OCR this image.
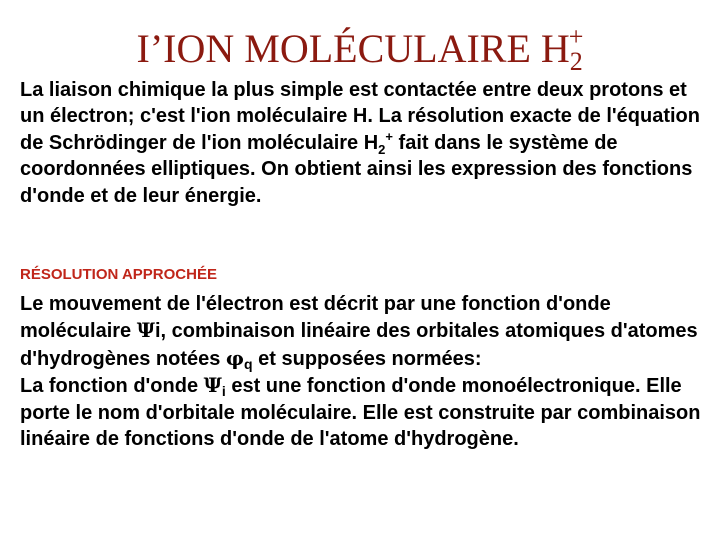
I’ION MOLÉCULAIRE $H_2^+$

La liaison chimique la plus simple est contactée entre deux protons et un électron; c'est l'ion moléculaire H. La résolution exacte de l'équation de Schrödinger de l'ion moléculaire $H_2^+$ fait dans le système de coordonnées elliptiques. On obtient ainsi les expression des fonctions d'onde et de leur énergie.

RÉSOLUTION APPROCHÉE

Le mouvement de l'électron est décrit par une fonction d'onde moléculaire Ψi, combinaison linéaire des orbitales atomiques d'atomes d'hydrogènes notées $\varphi_q$ et supposées normées:

La fonction d'onde $\Psi_i$ est une fonction d'onde monoélectronique. Elle porte le nom d'orbitale moléculaire. Elle est construite par combinaison linéaire de fonctions d'onde de l'atome d'hydrogène.
